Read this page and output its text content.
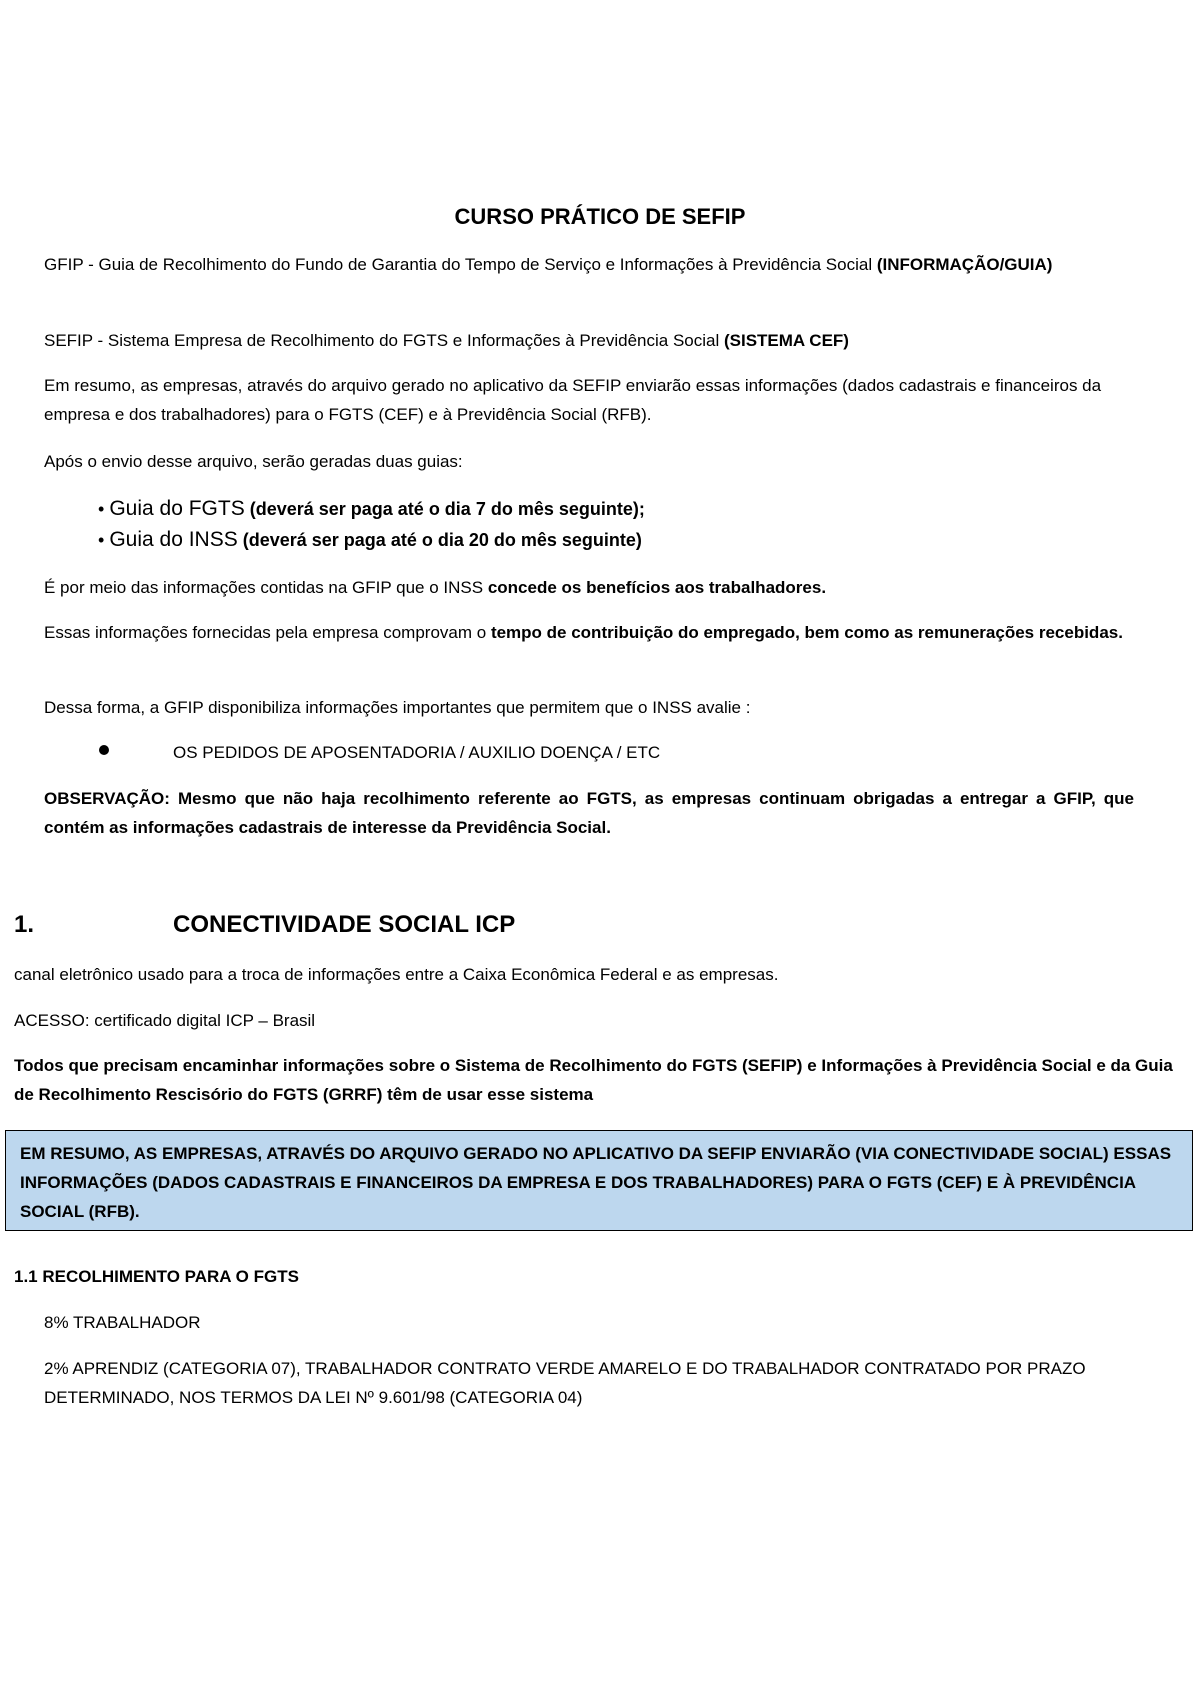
CURSO PRÁTICO DE SEFIP
GFIP - Guia de Recolhimento do Fundo de Garantia do Tempo de Serviço e Informações à Previdência Social (INFORMAÇÃO/GUIA)
SEFIP - Sistema Empresa de Recolhimento do FGTS e Informações à Previdência Social (SISTEMA CEF)
Em resumo, as empresas, através do arquivo gerado no aplicativo da SEFIP enviarão essas informações (dados cadastrais e financeiros da empresa e dos trabalhadores) para o FGTS (CEF) e à Previdência Social (RFB).
Após o envio desse arquivo, serão geradas duas guias:
• Guia do FGTS (deverá ser paga até o dia 7 do mês seguinte);
• Guia do INSS (deverá ser paga até o dia 20 do mês seguinte)
É por meio das informações contidas na GFIP que o INSS concede os benefícios aos trabalhadores.
Essas informações fornecidas pela empresa comprovam o tempo de contribuição do empregado, bem como as remunerações recebidas.
Dessa forma, a GFIP disponibiliza informações importantes que permitem que o INSS avalie :
OS PEDIDOS DE APOSENTADORIA / AUXILIO DOENÇA / ETC
OBSERVAÇÃO: Mesmo que não haja recolhimento referente ao FGTS, as empresas continuam obrigadas a entregar a GFIP, que contém as informações cadastrais de interesse da Previdência Social.
1.	CONECTIVIDADE SOCIAL ICP
canal eletrônico usado para a troca de informações entre a Caixa Econômica Federal e as empresas.
ACESSO: certificado digital ICP – Brasil
Todos que precisam encaminhar informações sobre o Sistema de Recolhimento do FGTS (SEFIP) e Informações à Previdência Social e da Guia de Recolhimento Rescisório do FGTS (GRRF) têm de usar esse sistema
EM RESUMO, AS EMPRESAS, ATRAVÉS DO ARQUIVO GERADO NO APLICATIVO DA SEFIP ENVIARÃO (VIA CONECTIVIDADE SOCIAL) ESSAS INFORMAÇÕES (DADOS CADASTRAIS E FINANCEIROS DA EMPRESA E DOS TRABALHADORES) PARA O FGTS (CEF) E À PREVIDÊNCIA SOCIAL (RFB).
1.1 RECOLHIMENTO PARA O FGTS
8% TRABALHADOR
2% APRENDIZ (CATEGORIA 07), TRABALHADOR CONTRATO VERDE AMARELO E DO TRABALHADOR CONTRATADO POR PRAZO DETERMINADO, NOS TERMOS DA LEI Nº 9.601/98 (CATEGORIA 04)
